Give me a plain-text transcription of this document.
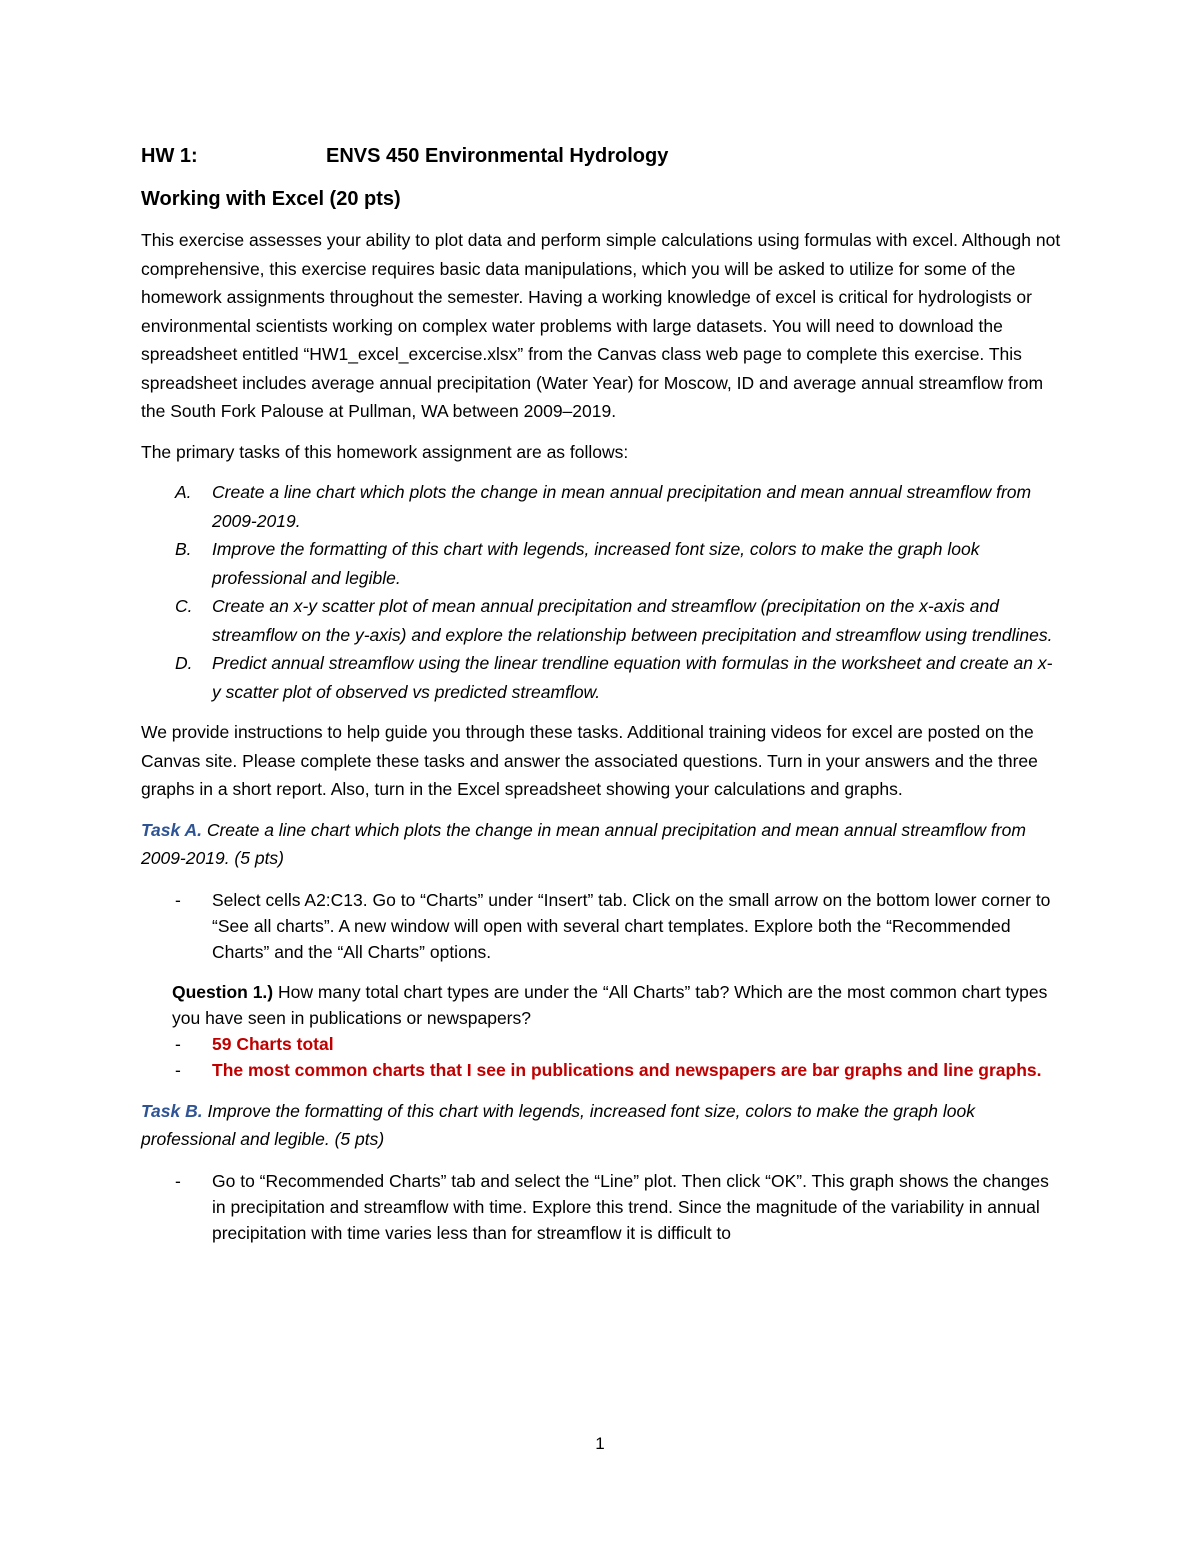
HW 1:	ENVS 450 Environmental Hydrology
Working with Excel (20 pts)

This exercise assesses your ability to plot data and perform simple calculations using formulas with excel. Although not comprehensive, this exercise requires basic data manipulations, which you will be asked to utilize for some of the homework assignments throughout the semester. Having a working knowledge of excel is critical for hydrologists or environmental scientists working on complex water problems with large datasets. You will need to download the spreadsheet entitled “HW1_excel_excercise.xlsx” from the Canvas class web page to complete this exercise. This spreadsheet includes average annual precipitation (Water Year) for Moscow, ID and average annual streamflow from the South Fork Palouse at Pullman, WA between 2009–2019.

The primary tasks of this homework assignment are as follows:

A. Create a line chart which plots the change in mean annual precipitation and mean annual streamflow from 2009-2019.
B. Improve the formatting of this chart with legends, increased font size, colors to make the graph look professional and legible.
C. Create an x-y scatter plot of mean annual precipitation and streamflow (precipitation on the x-axis and streamflow on the y-axis) and explore the relationship between precipitation and streamflow using trendlines.
D. Predict annual streamflow using the linear trendline equation with formulas in the worksheet and create an x-y scatter plot of observed vs predicted streamflow.

We provide instructions to help guide you through these tasks. Additional training videos for excel are posted on the Canvas site. Please complete these tasks and answer the associated questions. Turn in your answers and the three graphs in a short report. Also, turn in the Excel spreadsheet showing your calculations and graphs.

Task A. Create a line chart which plots the change in mean annual precipitation and mean annual streamflow from 2009-2019. (5 pts)
- Select cells A2:C13. Go to “Charts” under “Insert” tab. Click on the small arrow on the bottom lower corner to “See all charts”. A new window will open with several chart templates. Explore both the “Recommended Charts” and the “All Charts” options.
Question 1.) How many total chart types are under the “All Charts” tab? Which are the most common chart types you have seen in publications or newspapers?
- 59 Charts total
- The most common charts that I see in publications and newspapers are bar graphs and line graphs.
Task B. Improve the formatting of this chart with legends, increased font size, colors to make the graph look professional and legible. (5 pts)
- Go to “Recommended Charts” tab and select the “Line” plot. Then click “OK”. This graph shows the changes in precipitation and streamflow with time. Explore this trend. Since the magnitude of the variability in annual precipitation with time varies less than for streamflow it is difficult to
1
